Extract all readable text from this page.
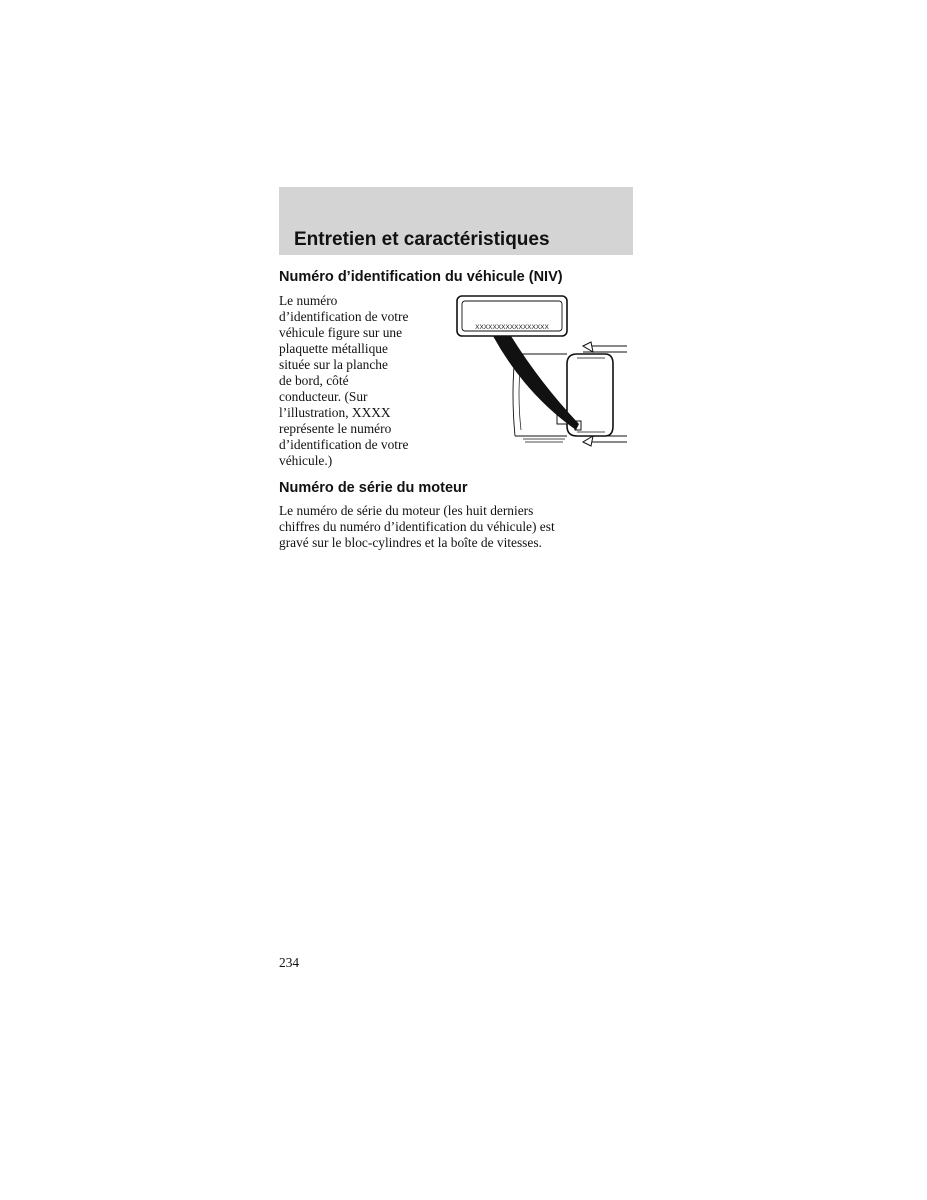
Entretien et caractéristiques
Numéro d’identification du véhicule (NIV)

Le numéro
d’identification de votre
véhicule figure sur une
plaquette métallique
située sur la planche
de bord, côté
conducteur. (Sur
l’illustration, XXXX
représente le numéro
d’identification de votre
véhicule.)

XXXXXXXXXXXXXXXXX
Numéro de série du moteur

Le numéro de série du moteur (les huit derniers
chiffres du numéro d’identification du véhicule) est
gravé sur le bloc-cylindres et la boîte de vitesses.

234
